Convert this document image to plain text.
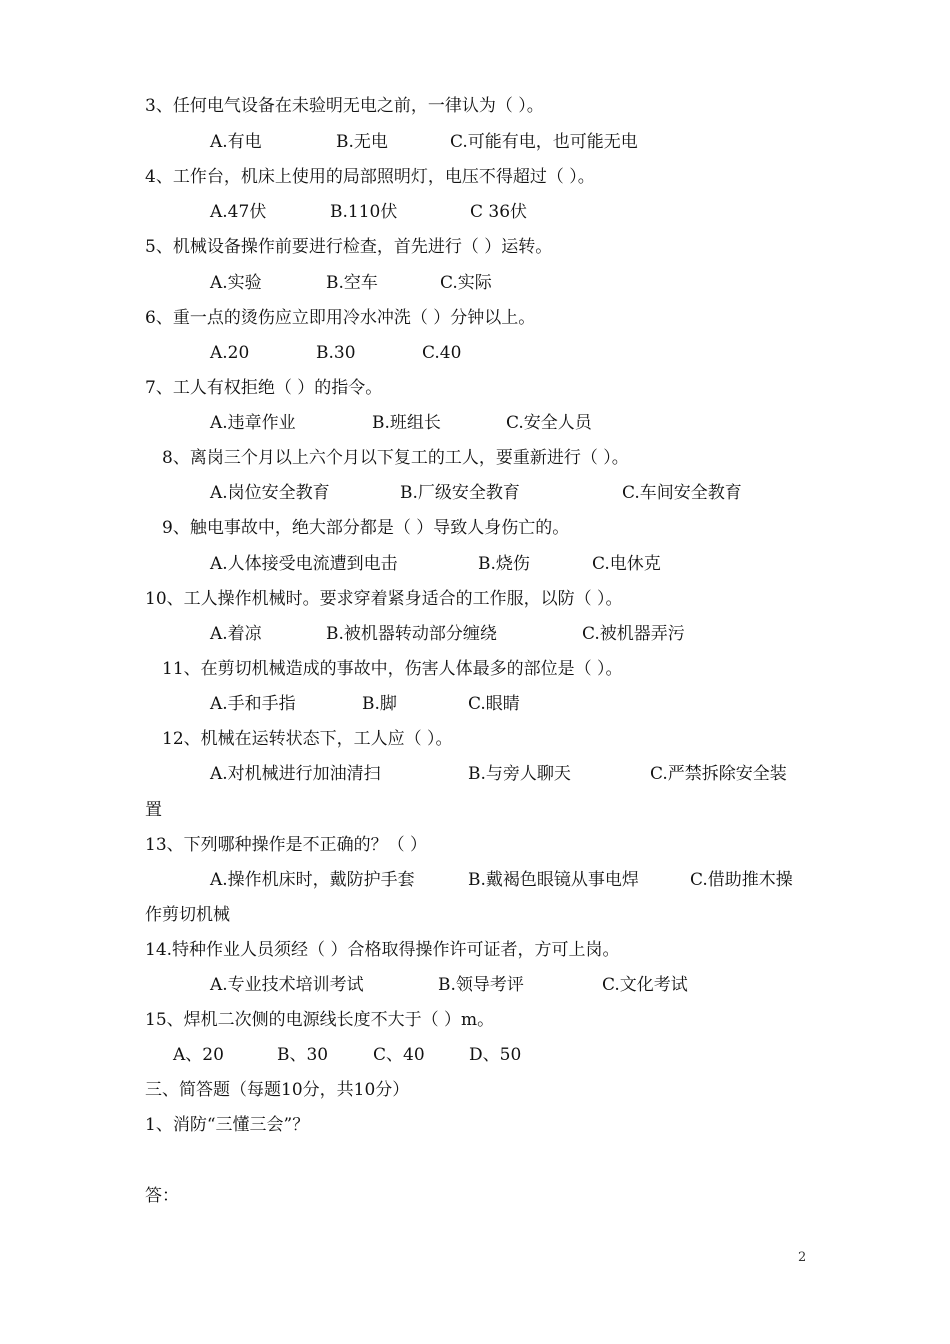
3、任何电气设备在未验明无电之前，一律认为（ ）。
A.有电	B.无电	C.可能有电，也可能无电
4、工作台，机床上使用的局部照明灯，电压不得超过（ ）。
A.47伏	B.110伏	C 36伏
5、机械设备操作前要进行检查，首先进行（ ）运转。
A.实验	B.空车	C.实际
6、重一点的烫伤应立即用冷水冲洗（ ）分钟以上。
A.20	B.30	C.40
7、工人有权拒绝（ ）的指令。
A.违章作业	B.班组长	C.安全人员
8、离岗三个月以上六个月以下复工的工人，要重新进行（ ）。
A.岗位安全教育	B.厂级安全教育	C.车间安全教育
9、触电事故中，绝大部分都是（ ）导致人身伤亡的。
A.人体接受电流遭到电击	B.烧伤	C.电休克
10、工人操作机械时。要求穿着紧身适合的工作服，以防（ ）。
A.着凉	B.被机器转动部分缠绕	C.被机器弄污
11、在剪切机械造成的事故中，伤害人体最多的部位是（ ）。
A.手和手指	B.脚	C.眼睛
12、机械在运转状态下，工人应（ ）。
A.对机械进行加油清扫	B.与旁人聊天	C.严禁拆除安全装
置
13、下列哪种操作是不正确的？（ ）
A.操作机床时，戴防护手套	B.戴褐色眼镜从事电焊	C.借助推木操
作剪切机械
14.特种作业人员须经（ ）合格取得操作许可证者，方可上岗。
A.专业技术培训考试	B.领导考评	C.文化考试
15、焊机二次侧的电源线长度不大于（ ）m。
A、20	B、30	C、40	D、50
三、简答题（每题10分，共10分）
1、消防“三懂三会”？
答：
2
